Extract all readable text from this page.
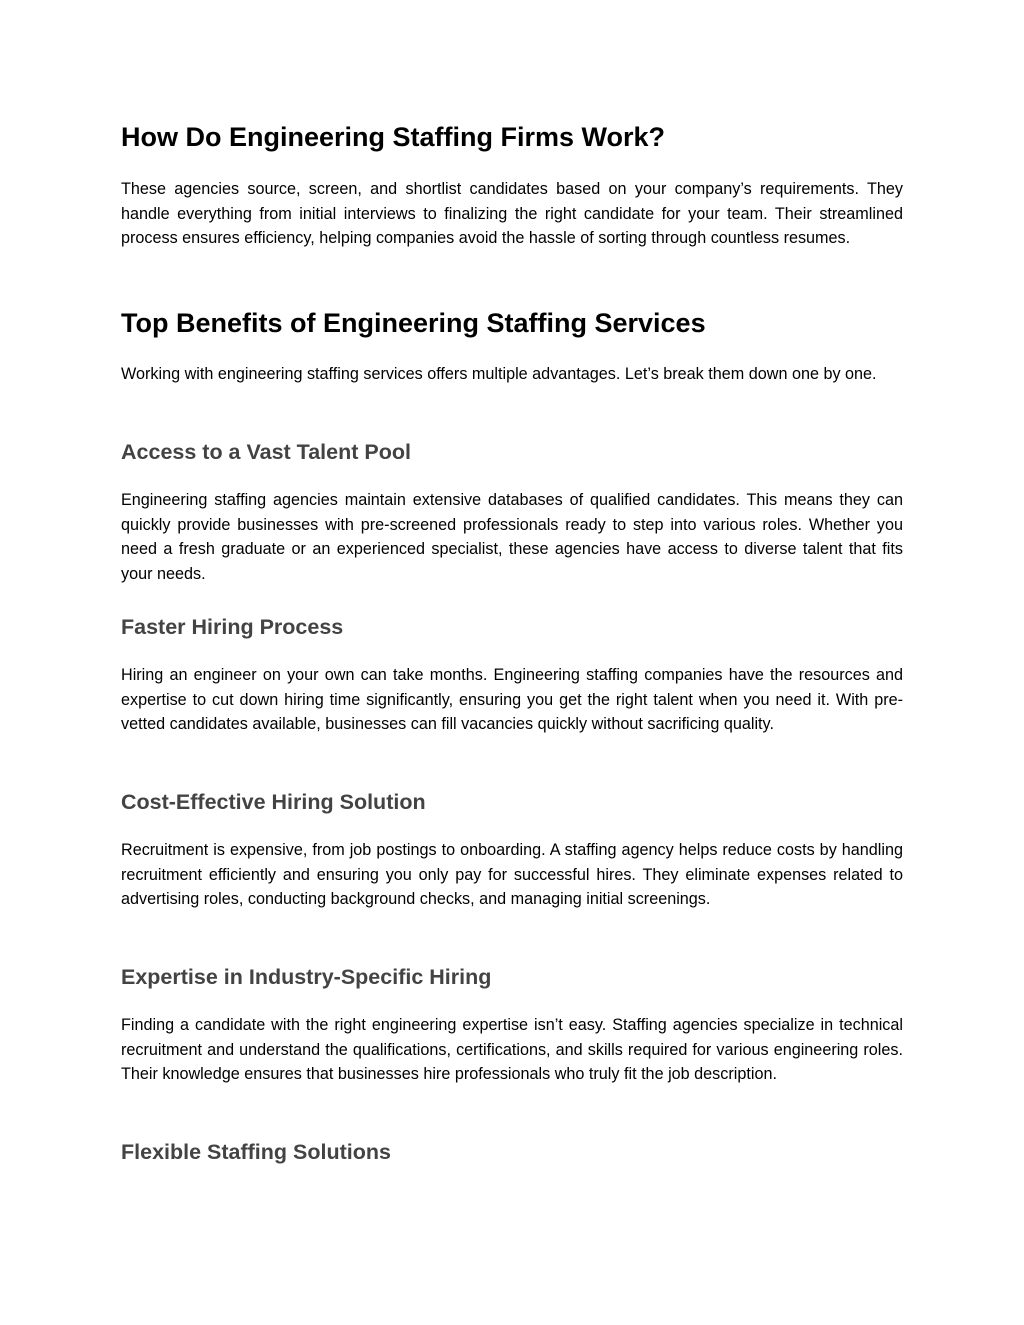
How Do Engineering Staffing Firms Work?

These agencies source, screen, and shortlist candidates based on your company’s requirements. They handle everything from initial interviews to finalizing the right candidate for your team. Their streamlined process ensures efficiency, helping companies avoid the hassle of sorting through countless resumes.

Top Benefits of Engineering Staffing Services

Working with engineering staffing services offers multiple advantages. Let’s break them down one by one.

Access to a Vast Talent Pool

Engineering staffing agencies maintain extensive databases of qualified candidates. This means they can quickly provide businesses with pre-screened professionals ready to step into various roles. Whether you need a fresh graduate or an experienced specialist, these agencies have access to diverse talent that fits your needs.

Faster Hiring Process

Hiring an engineer on your own can take months. Engineering staffing companies have the resources and expertise to cut down hiring time significantly, ensuring you get the right talent when you need it. With pre-vetted candidates available, businesses can fill vacancies quickly without sacrificing quality.

Cost-Effective Hiring Solution

Recruitment is expensive, from job postings to onboarding. A staffing agency helps reduce costs by handling recruitment efficiently and ensuring you only pay for successful hires. They eliminate expenses related to advertising roles, conducting background checks, and managing initial screenings.

Expertise in Industry-Specific Hiring

Finding a candidate with the right engineering expertise isn’t easy. Staffing agencies specialize in technical recruitment and understand the qualifications, certifications, and skills required for various engineering roles. Their knowledge ensures that businesses hire professionals who truly fit the job description.

Flexible Staffing Solutions
